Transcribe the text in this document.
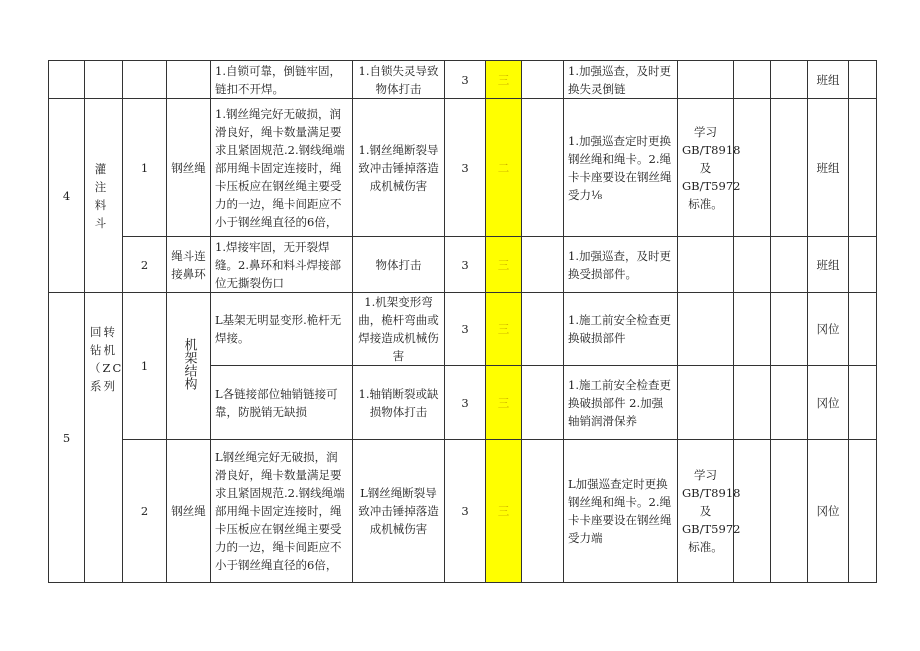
				1.自锁可靠，倒链牢固，链扣不开焊。	1.自锁失灵导致物体打击	3	三		1.加强巡查，及时更换失灵倒链				班组	
4	灌注料斗	1	钢丝绳	1.钢丝绳完好无破损，润滑良好，绳卡数量满足要求且紧固规范.2.钢线绳端部用绳卡固定连接时，绳卡压板应在钢丝绳主要受力的一边，绳卡间距应不小于钢丝绳直径的6倍，	1.钢丝绳断裂导致冲击锤掉落造成机械伤害	3	二		1.加强巡查定时更换钢丝绳和绳卡。2.绳卡卡座要设在钢丝绳受力⅛	学习GB/T8918及GB/T5972标准。			班组	
		2	绳斗连接鼻环	1.焊接牢固，无开裂焊缝。2.鼻环和料斗焊接部位无撕裂伤口	物体打击	3	三		1.加强巡查，及时更换受损部件。				班组	
5	回转钻机（ZC系列	1	机架结构	L基架无明显变形.桅杆无焊接。	1.机架变形弯曲，桅杆弯曲或焊接造成机械伤害	3	三		1.施工前安全检查更换破损部件				冈位	
				L各链接部位轴销链接可靠，防脱销无缺损	1.轴销断裂或缺损物体打击	3	三		1.施工前安全检查更换破损部件 2.加强轴销润滑保养				冈位	
		2	钢丝绳	L钢丝绳完好无破损，润滑良好，绳卡数量满足要求且紧固规范.2.钢线绳端部用绳卡固定连接时，绳卡压板应在钢丝绳主要受力的一边，绳卡间距应不小于钢丝绳直径的6倍，	L钢丝绳断裂导致冲击锤掉落造成机械伤害	3	三		L加强巡查定时更换钢丝绳和绳卡。2.绳卡卡座要设在钢丝绳受力端	学习GB/T8918及GB/T5972标准。			冈位	
